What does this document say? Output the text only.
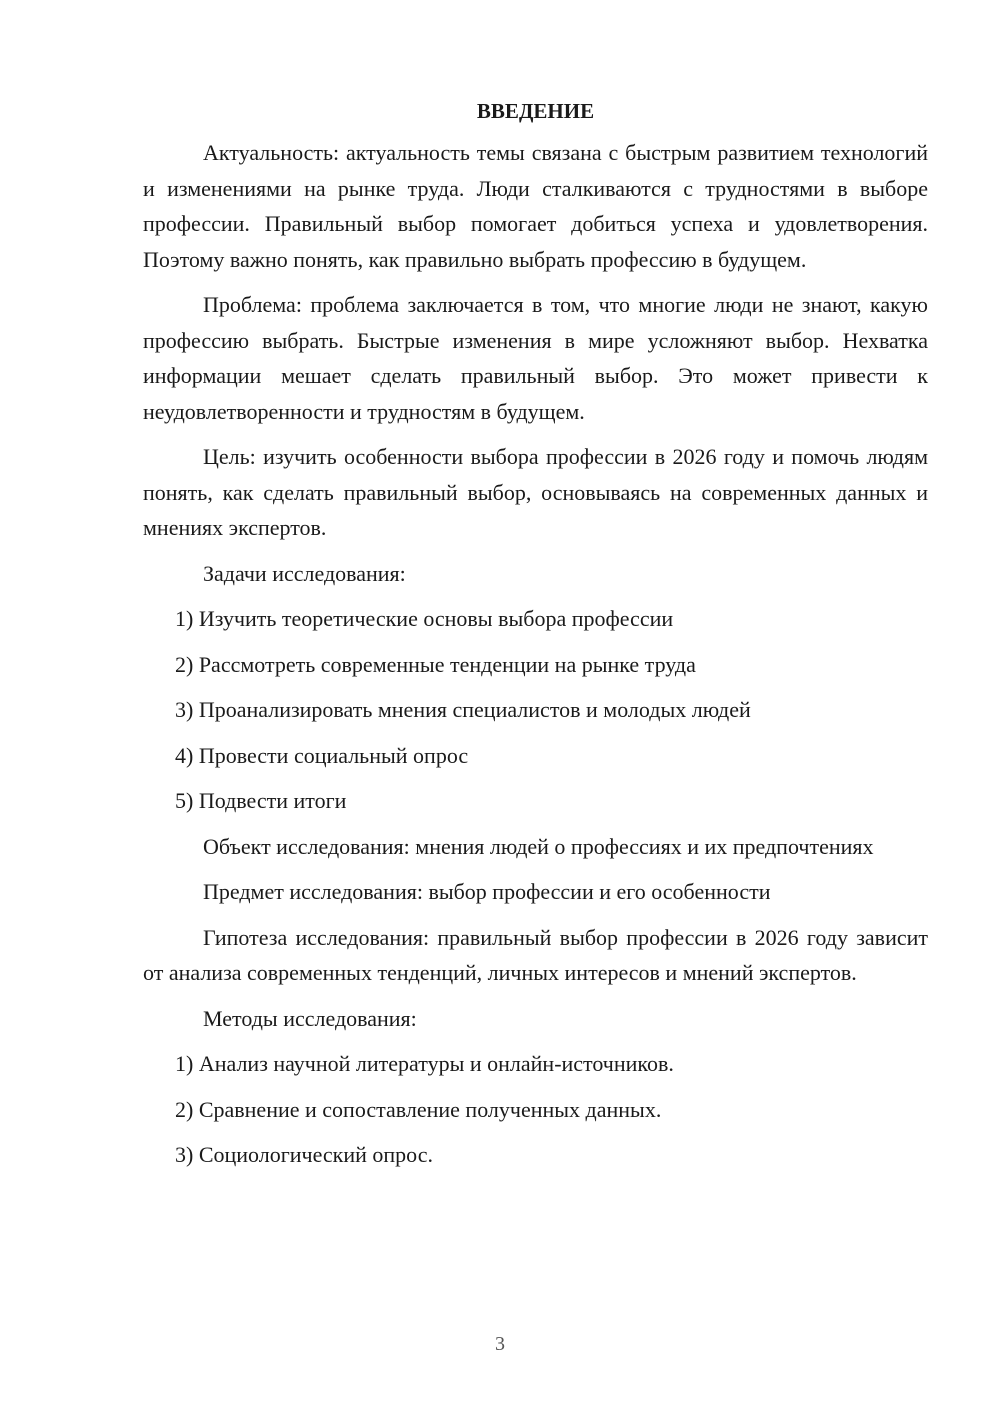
ВВЕДЕНИЕ

Актуальность: актуальность темы связана с быстрым развитием технологий и изменениями на рынке труда. Люди сталкиваются с трудностями в выборе профессии. Правильный выбор помогает добиться успеха и удовлетворения. Поэтому важно понять, как правильно выбрать профессию в будущем.

Проблема: проблема заключается в том, что многие люди не знают, какую профессию выбрать. Быстрые изменения в мире усложняют выбор. Нехватка информации мешает сделать правильный выбор. Это может привести к неудовлетворенности и трудностям в будущем.

Цель: изучить особенности выбора профессии в 2026 году и помочь людям понять, как сделать правильный выбор, основываясь на современных данных и мнениях экспертов.

Задачи исследования:

1) Изучить теоретические основы выбора профессии
2) Рассмотреть современные тенденции на рынке труда
3) Проанализировать мнения специалистов и молодых людей
4) Провести социальный опрос
5) Подвести итоги

Объект исследования: мнения людей о профессиях и их предпочтениях

Предмет исследования: выбор профессии и его особенности

Гипотеза исследования: правильный выбор профессии в 2026 году зависит от анализа современных тенденций, личных интересов и мнений экспертов.

Методы исследования:

1) Анализ научной литературы и онлайн-источников.
2) Сравнение и сопоставление полученных данных.
3) Социологический опрос.
3
